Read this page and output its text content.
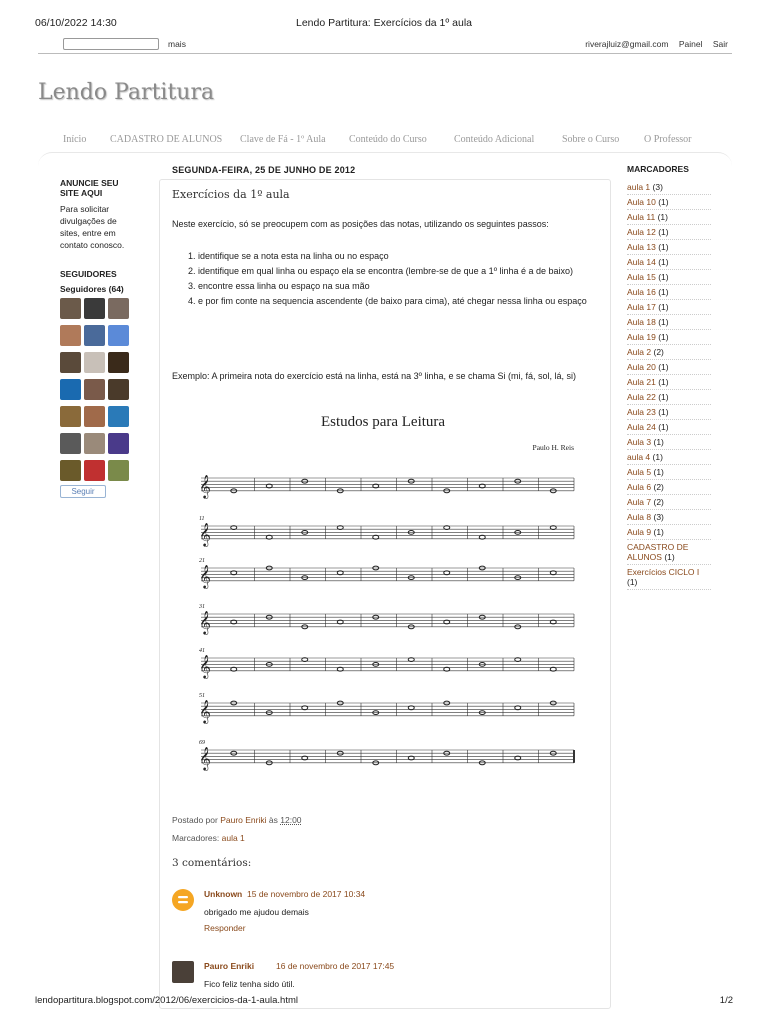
06/10/2022 14:30	Lendo Partitura: Exercícios da 1º aula
mais	riverajluiz@gmail.com Painel Sair
Lendo Partitura
Início CADASTRO DE ALUNOS Clave de Fá - 1º Aula Conteúdo do Curso	Conteúdo Adicional	Sobre o Curso O Professor
ANUNCIE SEU SITE AQUI
Para solicitar divulgações de sites, entre em contato conosco.
SEGUIDORES
Seguidores (64)
Seguir
SEGUNDA-FEIRA, 25 DE JUNHO DE 2012
Exercícios da 1º aula
Neste exercício, só se preocupem com as posições das notas, utilizando os seguintes passos:
1. identifique se a nota esta na linha ou no espaço
2. identifique em qual linha ou espaço ela se encontra (lembre-se de que a 1º linha é a de baixo)
3. encontre essa linha ou espaço na sua mão
4. e por fim conte na sequencia ascendente (de baixo para cima), até chegar nessa linha ou espaço
Exemplo: A primeira nota do exercício está na linha, está na 3º linha, e se chama Si (mi, fá, sol, lá, si)
Estudos para Leitura
Paulo H. Reis
𝄞
𝄞
11
𝄞
21
𝄞
31
𝄞
41
𝄞
51
𝄞
69
Postado por Pauro Enriki às 12:00
Marcadores: aula 1
3 comentários:
Unknown 15 de novembro de 2017 10:34
obrigado me ajudou demais
Responder
Pauro Enriki	16 de novembro de 2017 17:45
Fico feliz tenha sido útil.
MARCADORES
aula 1 (3)
Aula 10 (1)
Aula 11 (1)
Aula 12 (1)
Aula 13 (1)
Aula 14 (1)
Aula 15 (1)
Aula 16 (1)
Aula 17 (1)
Aula 18 (1)
Aula 19 (1)
Aula 2 (2)
Aula 20 (1)
Aula 21 (1)
Aula 22 (1)
Aula 23 (1)
Aula 24 (1)
Aula 3 (1)
aula 4 (1)
Aula 5 (1)
Aula 6 (2)
Aula 7 (2)
Aula 8 (3)
Aula 9 (1)
CADASTRO DE ALUNOS (1)
Exercícios CICLO I (1)
lendopartitura.blogspot.com/2012/06/exercicios-da-1-aula.html	1/2
